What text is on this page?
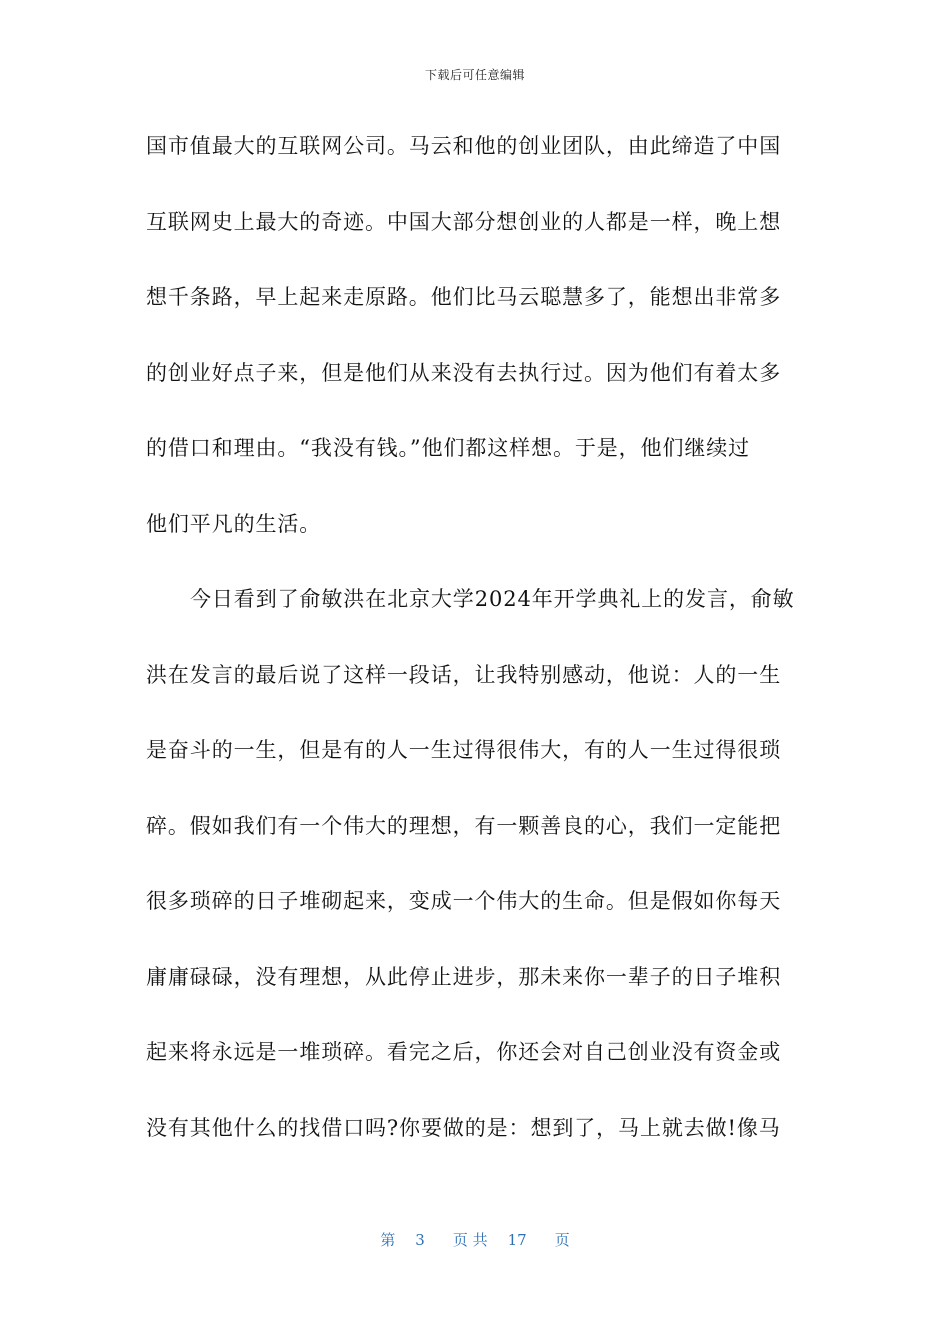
下载后可任意编辑
国市值最大的互联网公司。马云和他的创业团队，由此缔造了中国
互联网史上最大的奇迹。中国大部分想创业的人都是一样，晚上想
想千条路，早上起来走原路。他们比马云聪慧多了，能想出非常多
的创业好点子来，但是他们从来没有去执行过。因为他们有着太多
的借口和理由。“我没有钱。”他们都这样想。于是，他们继续过
他们平凡的生活。
今日看到了俞敏洪在北京大学2024年开学典礼上的发言，俞敏
洪在发言的最后说了这样一段话，让我特别感动，他说：人的一生
是奋斗的一生，但是有的人一生过得很伟大，有的人一生过得很琐
碎。假如我们有一个伟大的理想，有一颗善良的心，我们一定能把
很多琐碎的日子堆砌起来，变成一个伟大的生命。但是假如你每天
庸庸碌碌，没有理想，从此停止进步，那未来你一辈子的日子堆积
起来将永远是一堆琐碎。看完之后，你还会对自己创业没有资金或
没有其他什么的找借口吗?你要做的是：想到了，马上就去做!像马
第 3 页 共 17 页
